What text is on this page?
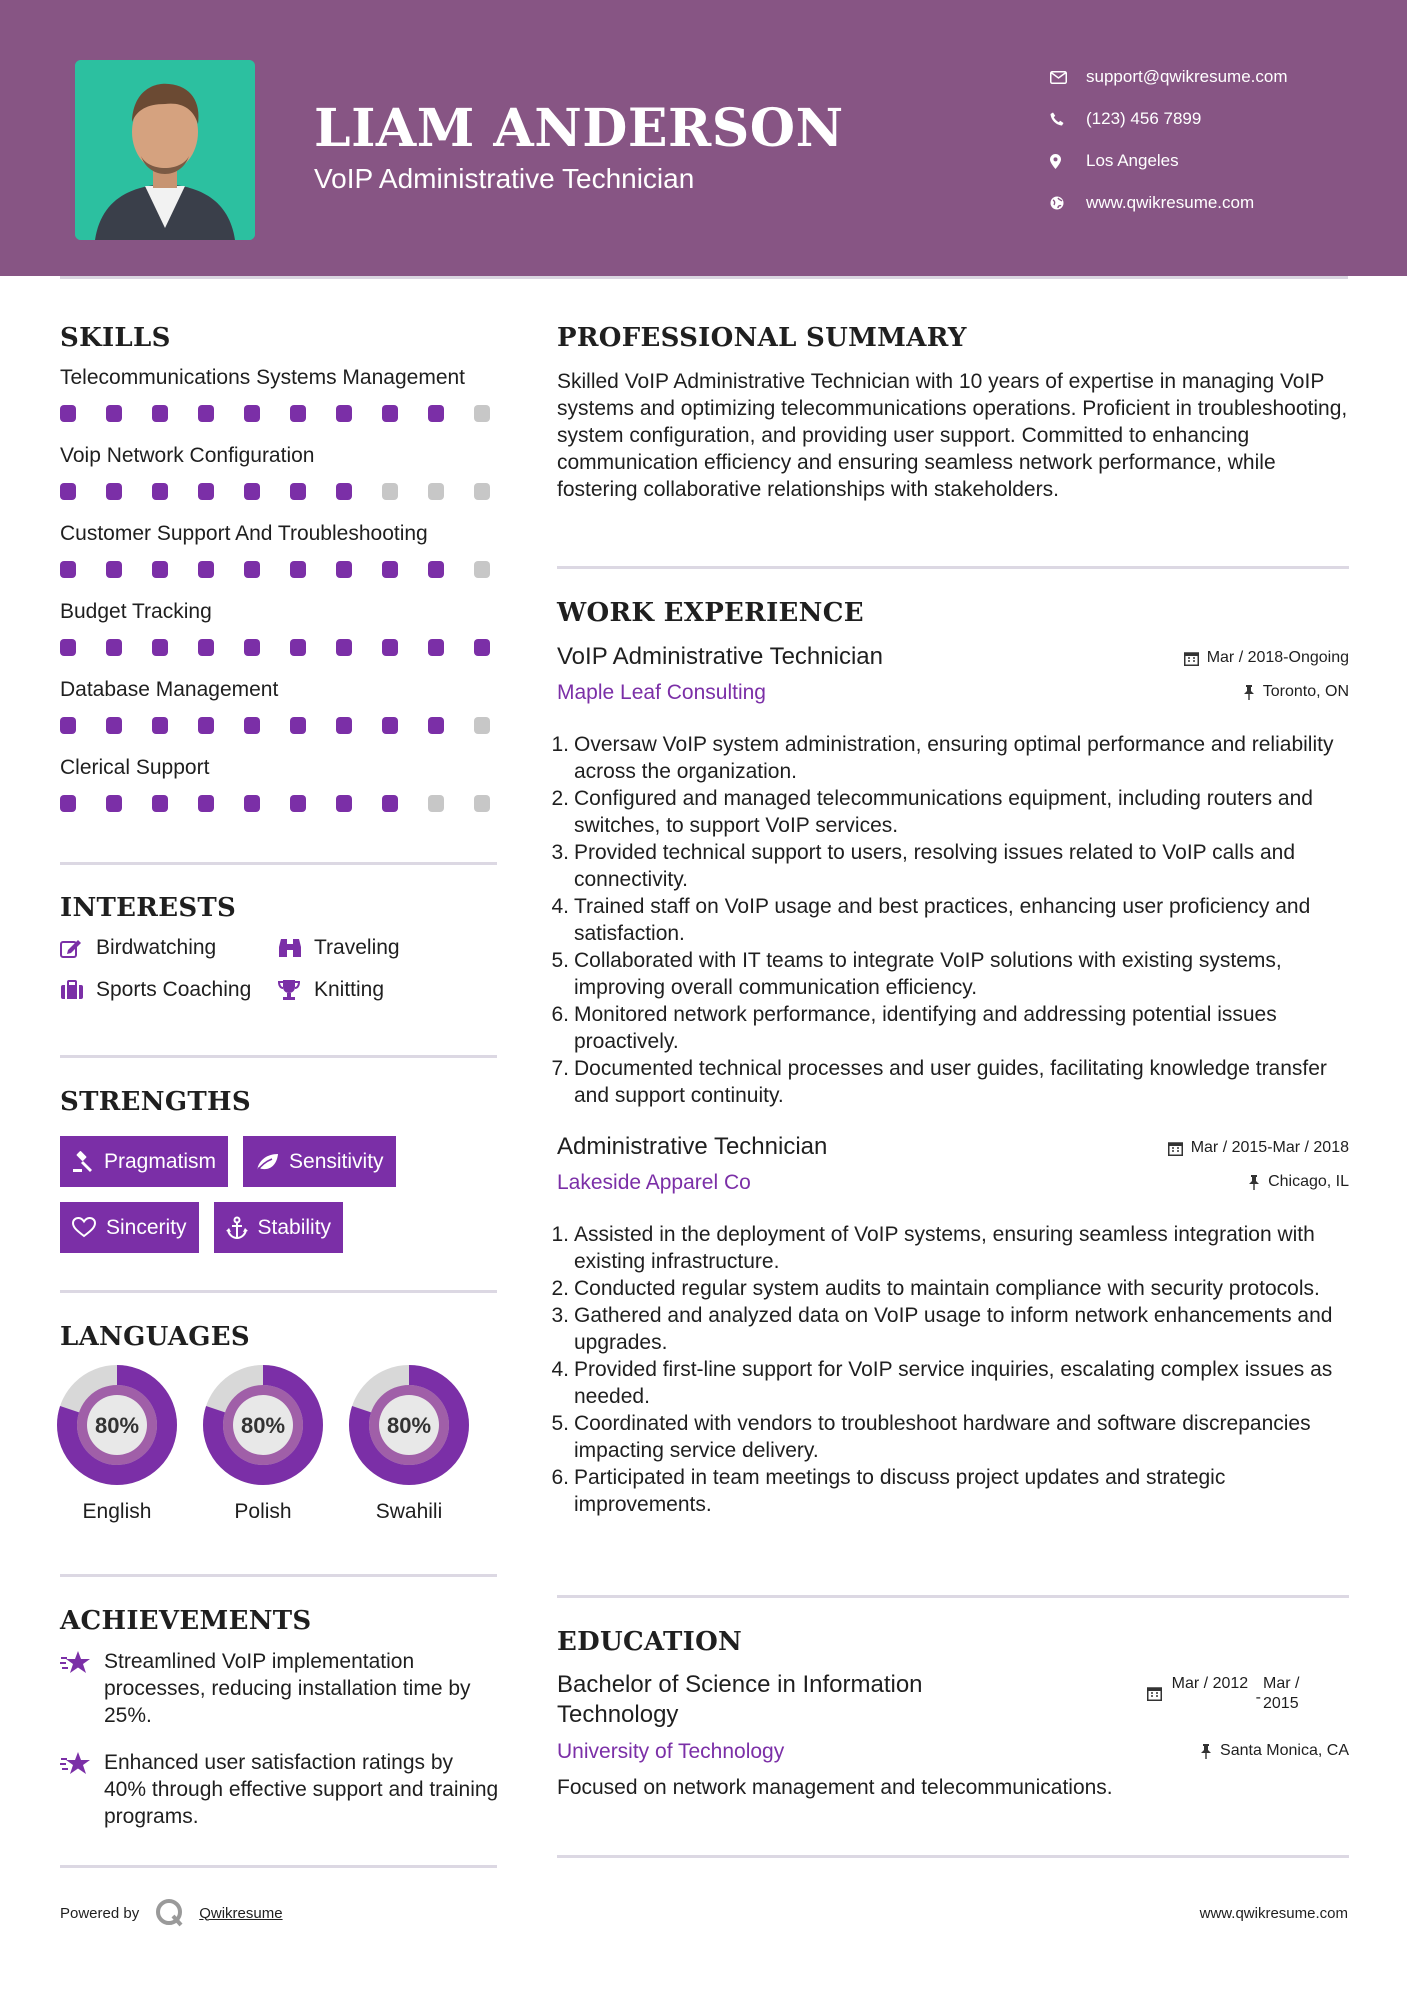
LIAM ANDERSON
VoIP Administrative Technician
support@qwikresume.com
(123) 456 7899
Los Angeles
www.qwikresume.com
SKILLS
Telecommunications Systems Management
Voip Network Configuration
Customer Support And Troubleshooting
Budget Tracking
Database Management
Clerical Support
INTERESTS
Birdwatching	Traveling
Sports Coaching	Knitting
STRENGTHS
Pragmatism	Sensitivity
Sincerity	Stability
LANGUAGES
80%
English
80%
Polish
80%
Swahili
ACHIEVEMENTS
Streamlined VoIP implementation processes, reducing installation time by 25%.
Enhanced user satisfaction ratings by 40% through effective support and training programs.
Powered by	Qwikresume	www.qwikresume.com
PROFESSIONAL SUMMARY
Skilled VoIP Administrative Technician with 10 years of expertise in managing VoIP systems and optimizing telecommunications operations. Proficient in troubleshooting, system configuration, and providing user support. Committed to enhancing communication efficiency and ensuring seamless network performance, while fostering collaborative relationships with stakeholders.
WORK EXPERIENCE
VoIP Administrative Technician
Maple Leaf Consulting
Mar / 2018-Ongoing
Toronto, ON
1. Oversaw VoIP system administration, ensuring optimal performance and reliability across the organization.
2. Configured and managed telecommunications equipment, including routers and switches, to support VoIP services.
3. Provided technical support to users, resolving issues related to VoIP calls and connectivity.
4. Trained staff on VoIP usage and best practices, enhancing user proficiency and satisfaction.
5. Collaborated with IT teams to integrate VoIP solutions with existing systems, improving overall communication efficiency.
6. Monitored network performance, identifying and addressing potential issues proactively.
7. Documented technical processes and user guides, facilitating knowledge transfer and support continuity.
Administrative Technician
Lakeside Apparel Co
Mar / 2015-Mar / 2018
Chicago, IL
1. Assisted in the deployment of VoIP systems, ensuring seamless integration with existing infrastructure.
2. Conducted regular system audits to maintain compliance with security protocols.
3. Gathered and analyzed data on VoIP usage to inform network enhancements and upgrades.
4. Provided first-line support for VoIP service inquiries, escalating complex issues as needed.
5. Coordinated with vendors to troubleshoot hardware and software discrepancies impacting service delivery.
6. Participated in team meetings to discuss project updates and strategic improvements.
EDUCATION
Bachelor of Science in Information Technology
Mar / 2012
-
Mar / 2015
University of Technology	Santa Monica, CA
Focused on network management and telecommunications.
